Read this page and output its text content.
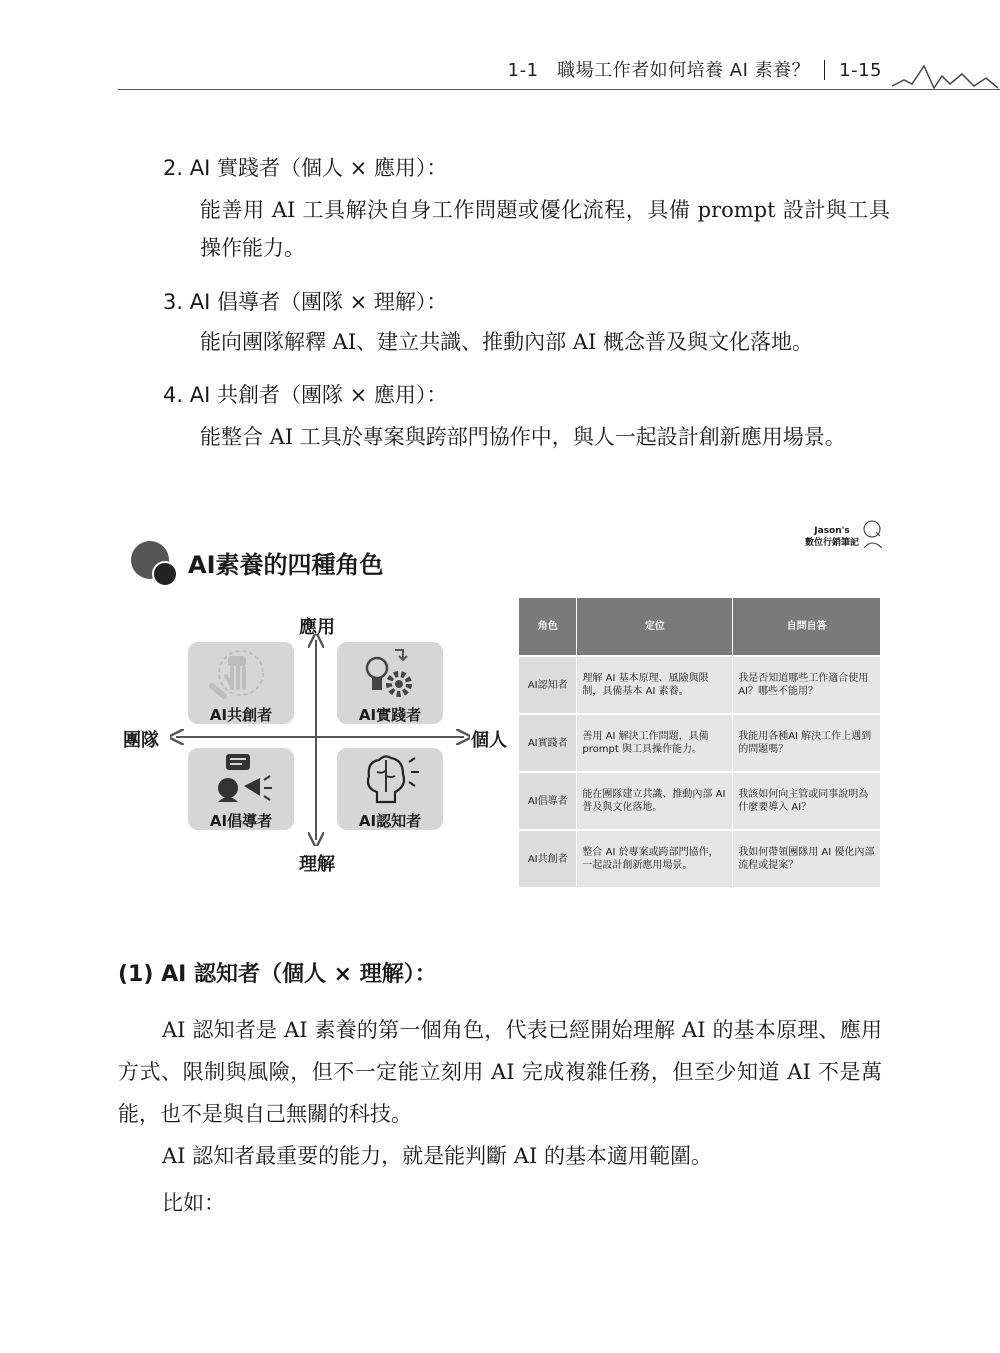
1-1　職場工作者如何培養 AI 素養？ 1-15
2. AI 實踐者（個人 × 應用）：
能善用 AI 工具解決自身工作問題或優化流程，具備 prompt 設計與工具操作能力。
3. AI 倡導者（團隊 × 理解）：
能向團隊解釋 AI、建立共識、推動內部 AI 概念普及與文化落地。
4. AI 共創者（團隊 × 應用）：
能整合 AI 工具於專案與跨部門協作中，與人一起設計創新應用場景。
AI素養的四種角色
Jason's
數位行銷筆記
應用
理解
團隊	個人
AI共創者	AI實踐者
AI倡導者	AI認知者
角色	定位	自問自答
AI認知者	理解 AI 基本原理、風險與限制，具備基本 AI 素養。	我是否知道哪些工作適合使用 AI？哪些不能用？
AI實踐者	善用 AI 解決工作問題，具備 prompt 與工具操作能力。	我能用各種AI 解決工作上遇到的問題嗎？
AI倡導者	能在團隊建立共識、推動內部 AI 普及與文化落地。	我該如何向主管或同事說明為什麼要導入 AI？
AI共創者	整合 AI 於專案或跨部門協作，一起設計創新應用場景。	我如何帶領團隊用 AI 優化內部流程或提案？
(1) AI 認知者（個人 × 理解）：
AI 認知者是 AI 素養的第一個角色，代表已經開始理解 AI 的基本原理、應用方式、限制與風險，但不一定能立刻用 AI 完成複雜任務，但至少知道 AI 不是萬能，也不是與自己無關的科技。
AI 認知者最重要的能力，就是能判斷 AI 的基本適用範圍。
比如：
